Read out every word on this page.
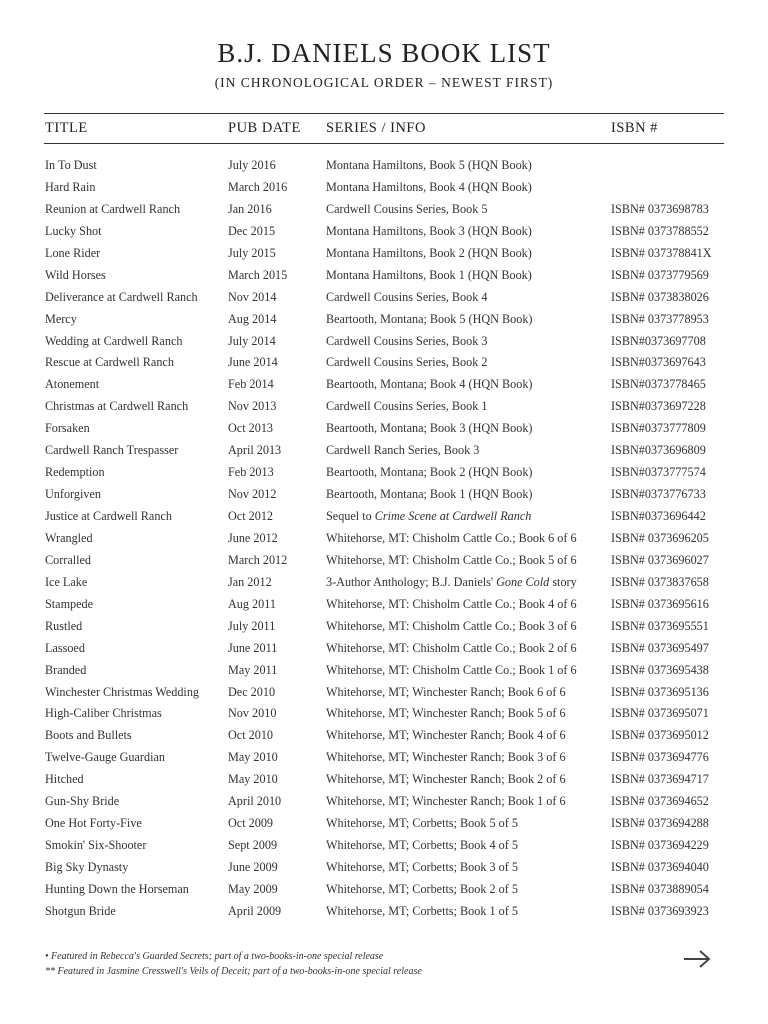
B.J. DANIELS BOOK LIST
(IN CHRONOLOGICAL ORDER – NEWEST FIRST)
TITLE	PUB DATE SERIES / INFO	ISBN #
In To Dust	July 2016	Montana Hamiltons, Book 5 (HQN Book)
Hard Rain	March 2016	Montana Hamiltons, Book 4 (HQN Book)
Reunion at Cardwell Ranch	Jan 2016	Cardwell Cousins Series, Book 5	ISBN# 0373698783
Lucky Shot	Dec 2015	Montana Hamiltons, Book 3 (HQN Book)	ISBN# 0373788552
Lone Rider	July 2015	Montana Hamiltons, Book 2 (HQN Book)	ISBN# 037378841X
Wild Horses	March 2015	Montana Hamiltons, Book 1 (HQN Book)	ISBN# 0373779569
Deliverance at Cardwell Ranch Nov 2014	Cardwell Cousins Series, Book 4	ISBN# 0373838026
Mercy	Aug 2014	Beartooth, Montana; Book 5 (HQN Book)	ISBN# 0373778953
Wedding at Cardwell Ranch	July 2014	Cardwell Cousins Series, Book 3	ISBN#0373697708
Rescue at Cardwell Ranch	June 2014	Cardwell Cousins Series, Book 2	ISBN#0373697643
Atonement	Feb 2014	Beartooth, Montana; Book 4 (HQN Book)	ISBN#0373778465
Christmas at Cardwell Ranch	Nov 2013	Cardwell Cousins Series, Book 1	ISBN#0373697228
Forsaken	Oct 2013	Beartooth, Montana; Book 3 (HQN Book)	ISBN#0373777809
Cardwell Ranch Trespasser	April 2013	Cardwell Ranch Series, Book 3	ISBN#0373696809
Redemption	Feb 2013	Beartooth, Montana; Book 2 (HQN Book)	ISBN#0373777574
Unforgiven	Nov 2012	Beartooth, Montana; Book 1 (HQN Book)	ISBN#0373776733
Justice at Cardwell Ranch	Oct 2012	Sequel to Crime Scene at Cardwell Ranch	ISBN#0373696442
Wrangled	June 2012	Whitehorse, MT: Chisholm Cattle Co.; Book 6 of 6	ISBN# 0373696205
Corralled	March 2012	Whitehorse, MT: Chisholm Cattle Co.; Book 5 of 6	ISBN# 0373696027
Ice Lake	Jan 2012	3-Author Anthology; B.J. Daniels' Gone Cold story	ISBN# 0373837658
Stampede	Aug 2011	Whitehorse, MT: Chisholm Cattle Co.; Book 4 of 6	ISBN# 0373695616
Rustled	July 2011	Whitehorse, MT: Chisholm Cattle Co.; Book 3 of 6	ISBN# 0373695551
Lassoed	June 2011	Whitehorse, MT: Chisholm Cattle Co.; Book 2 of 6	ISBN# 0373695497
Branded	May 2011	Whitehorse, MT: Chisholm Cattle Co.; Book 1 of 6	ISBN# 0373695438
Winchester Christmas Wedding Dec 2010	Whitehorse, MT; Winchester Ranch; Book 6 of 6	ISBN# 0373695136
High-Caliber Christmas	Nov 2010	Whitehorse, MT; Winchester Ranch; Book 5 of 6	ISBN# 0373695071
Boots and Bullets	Oct 2010	Whitehorse, MT; Winchester Ranch; Book 4 of 6	ISBN# 0373695012
Twelve-Gauge Guardian	May 2010	Whitehorse, MT; Winchester Ranch; Book 3 of 6	ISBN# 0373694776
Hitched	May 2010	Whitehorse, MT; Winchester Ranch; Book 2 of 6	ISBN# 0373694717
Gun-Shy Bride	April 2010	Whitehorse, MT; Winchester Ranch; Book 1 of 6	ISBN# 0373694652
One Hot Forty-Five	Oct 2009	Whitehorse, MT; Corbetts; Book 5 of 5	ISBN# 0373694288
Smokin' Six-Shooter	Sept 2009	Whitehorse, MT; Corbetts; Book 4 of 5	ISBN# 0373694229
Big Sky Dynasty	June 2009	Whitehorse, MT; Corbetts; Book 3 of 5	ISBN# 0373694040
Hunting Down the Horseman	May 2009	Whitehorse, MT; Corbetts; Book 2 of 5	ISBN# 0373889054
Shotgun Bride	April 2009	Whitehorse, MT; Corbetts; Book 1 of 5	ISBN# 0373693923
• Featured in Rebecca's Guarded Secrets; part of a two-books-in-one special release
** Featured in Jasmine Cresswell's Veils of Deceit; part of a two-books-in-one special release
